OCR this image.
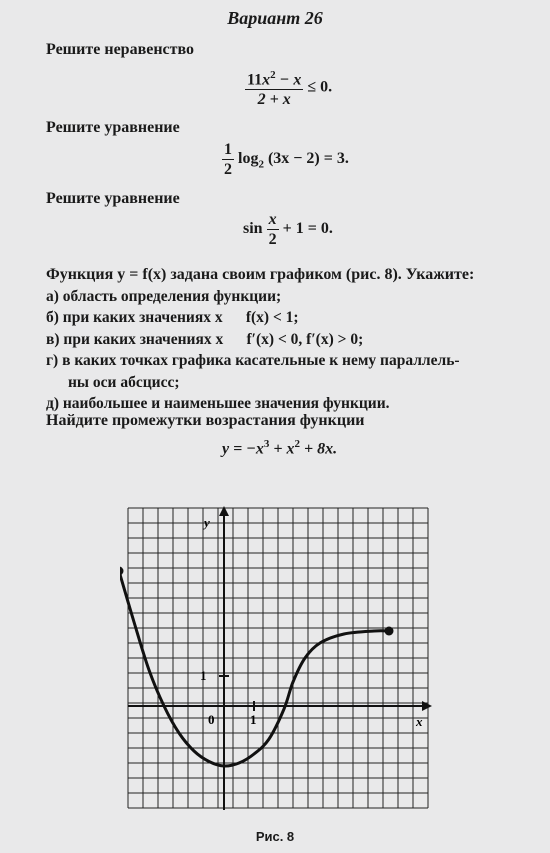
Вариант 26
Решите неравенство
$\frac{11x^2 - x}{2 + x} \le 0$.
Решите уравнение
$\frac{1}{2} \log_2 (3x - 2) = 3$.
Решите уравнение
$\sin \frac{x}{2} + 1 = 0$.
Функция y = f(x) задана своим графиком (рис. 8). Укажите:
а) область определения функции;
б) при каких значениях x      f(x) < 1;
в) при каких значениях x      f′(x) < 0, f′(x) > 0;
г) в каких точках графика касательные к нему параллель-
ны оси абсцисс;
д) наибольшее и наименьшее значения функции.
Найдите промежутки возрастания функции
$y = -x^3 + x^2 + 8x$.
y
x
1
1
0
Рис. 8
